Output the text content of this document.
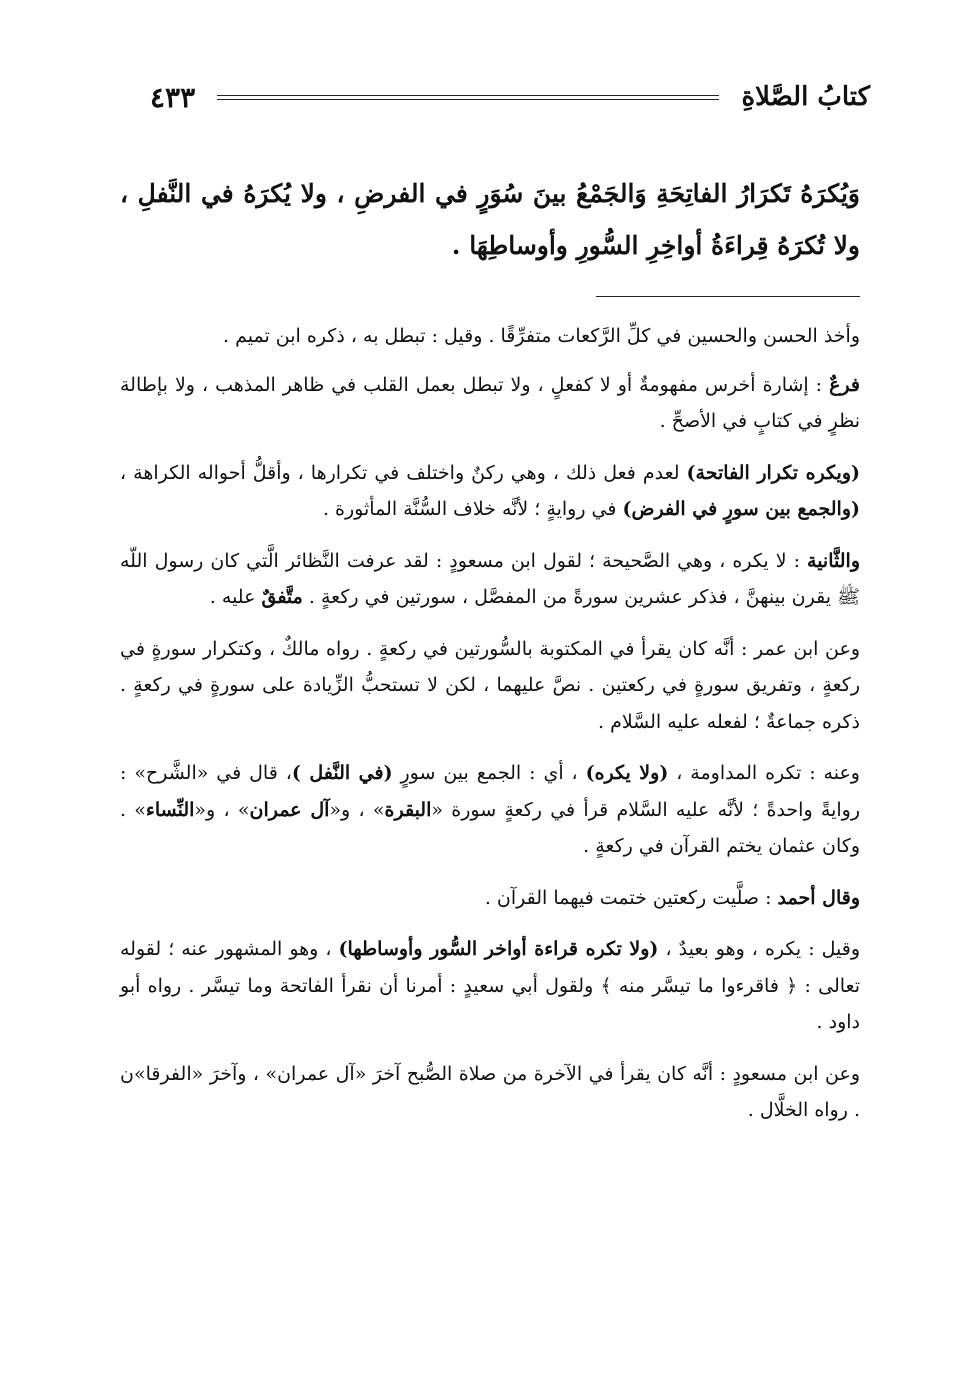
كتابُ الصَّلاةِ
٤٣٣
وَيُكرَهُ تَكرَارُ الفاتِحَةِ وَالجَمْعُ بينَ سُوَرٍ في الفرضِ ، ولا يُكرَهُ في النَّفلِ ، ولا تُكرَهُ قِراءَةُ أواخِرِ السُّورِ وأوساطِهَا .

وأخذ الحسن والحسين في كلِّ الرَّكعات متفرِّقًا . وقيل : تبطل به ، ذكره ابن تميم .

فرعٌ : إشارة أخرس مفهومةٌ أو لا كفعلٍ ، ولا تبطل بعمل القلب في ظاهر المذهب ، ولا بإطالة نظرٍ في كتابٍ في الأصحِّ .

(ويكره تكرار الفاتحة) لعدم فعل ذلك ، وهي ركنٌ واختلف في تكرارها ، وأقلُّ أحواله الكراهة ، (والجمع بين سورٍ في الفرض) في روايةٍ ؛ لأنَّه خلاف السُّنَّة المأثورة .

والثَّانية : لا يكره ، وهي الصَّحيحة ؛ لقول ابن مسعودٍ : لقد عرفت النَّظائر الَّتي كان رسول اللّه ﷺ يقرن بينهنَّ ، فذكر عشرين سورةً من المفصَّل ، سورتين في ركعةٍ . متَّفقٌ عليه .

وعن ابن عمر : أنَّه كان يقرأ في المكتوبة بالسُّورتين في ركعةٍ . رواه مالكٌ ، وكتكرار سورةٍ في ركعةٍ ، وتفريق سورةٍ في ركعتين . نصَّ عليهما ، لكن لا تستحبُّ الزِّيادة على سورةٍ في ركعةٍ . ذكره جماعةٌ ؛ لفعله عليه السَّلام .

وعنه : تكره المداومة ، (ولا يكره) ، أي : الجمع بين سورٍ (في النَّفل )، قال في «الشَّرح» : روايةً واحدةً ؛ لأنَّه عليه السَّلام قرأ في ركعةٍ سورة «البقرة» ، و«آل عمران» ، و«النِّساء» . وكان عثمان يختم القرآن في ركعةٍ .

وقال أحمد : صلَّيت ركعتين ختمت فيهما القرآن .

وقيل : يكره ، وهو بعيدٌ ، (ولا تكره قراءة أواخر السُّور وأوساطها) ، وهو المشهور عنه ؛ لقوله تعالى : ﴿ فاقرءوا ما تيسَّر منه ﴾ ولقول أبي سعيدٍ : أمرنا أن نقرأ الفاتحة وما تيسَّر . رواه أبو داود .

وعن ابن مسعودٍ : أنَّه كان يقرأ في الآخرة من صلاة الصُّبح آخرَ «آل عمران» ، وآخرَ «الفرقا»ن . رواه الخلَّال .
